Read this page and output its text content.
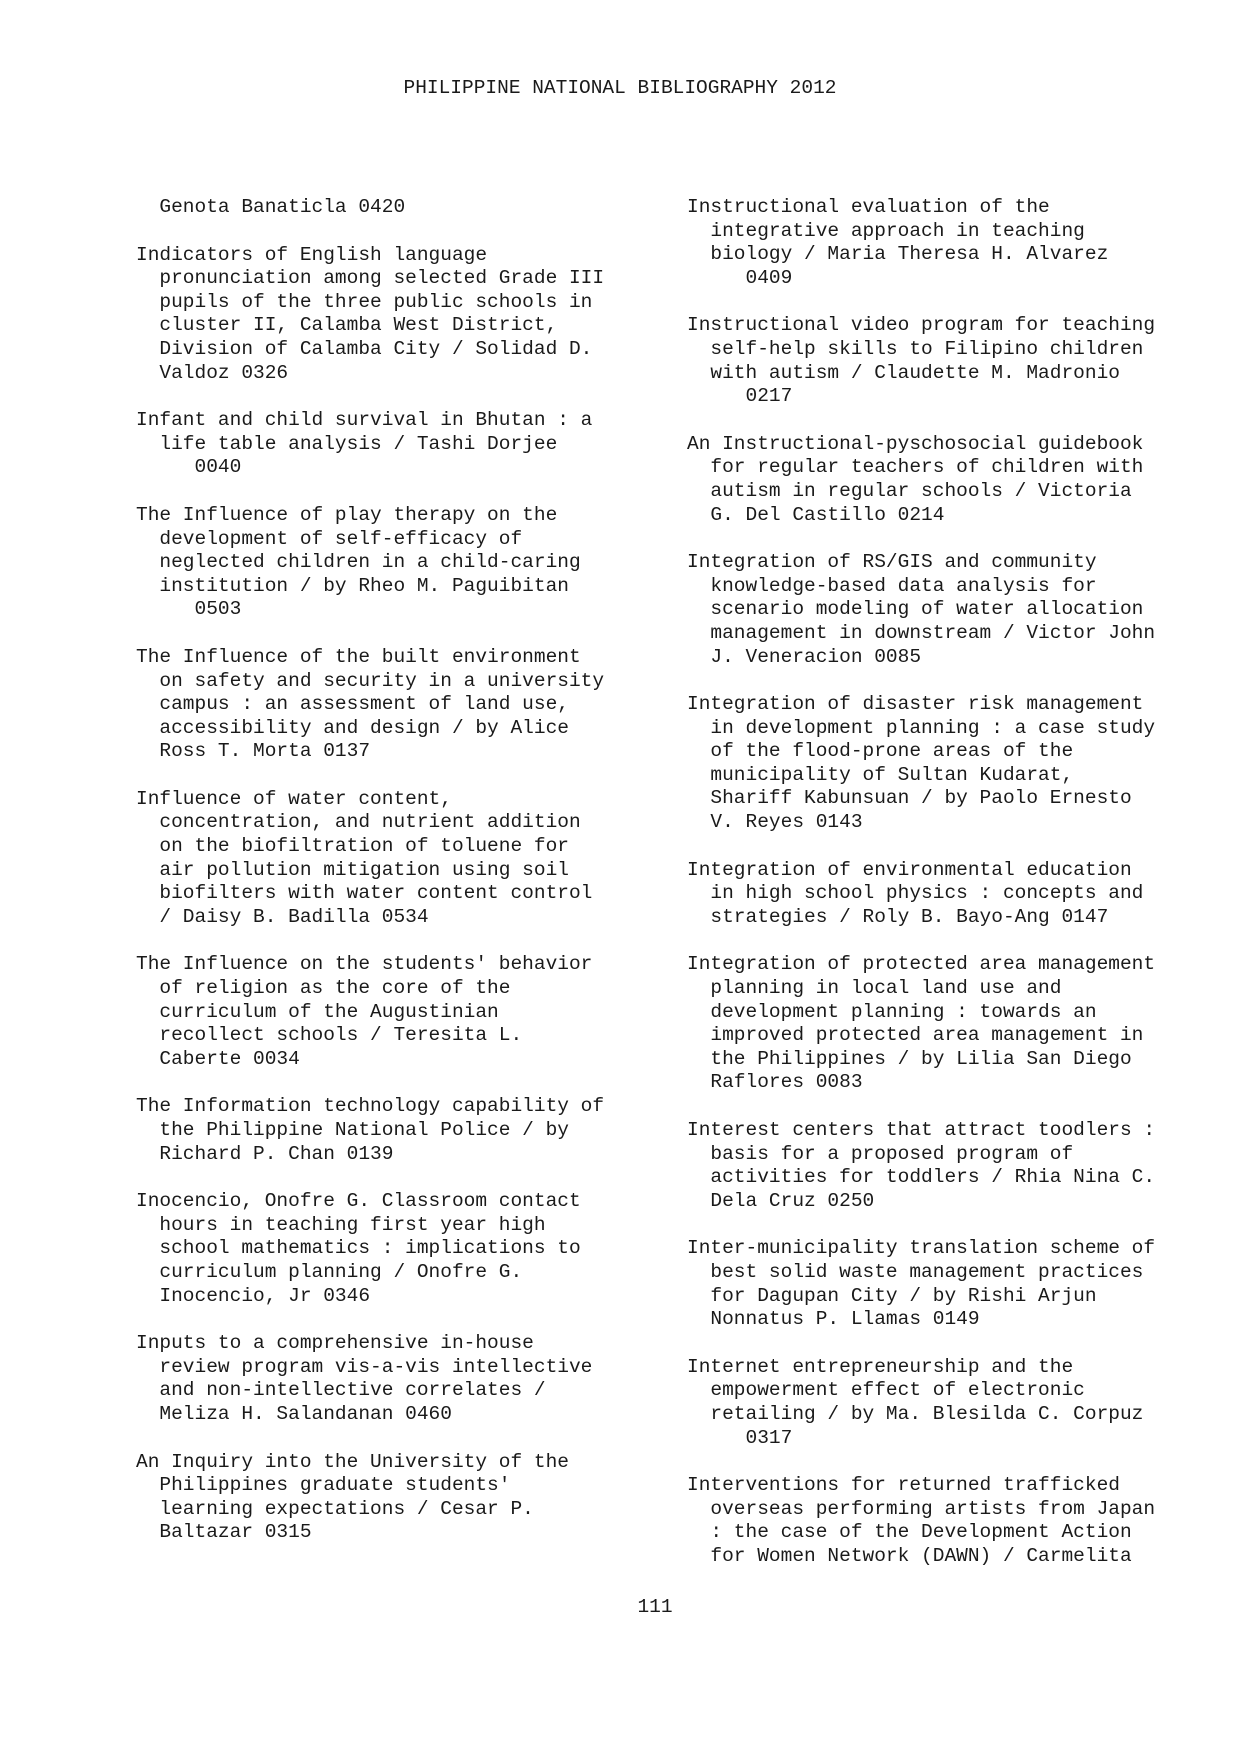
PHILIPPINE NATIONAL BIBLIOGRAPHY 2012
Genota Banaticla 0420
Indicators of English language
pronunciation among selected Grade III
pupils of the three public schools in
cluster II, Calamba West District,
Division of Calamba City / Solidad D.
Valdoz 0326
Infant and child survival in Bhutan : a
life table analysis / Tashi Dorjee
0040
The Influence of play therapy on the
development of self-efficacy of
neglected children in a child-caring
institution / by Rheo M. Paguibitan
0503
The Influence of the built environment
on safety and security in a university
campus : an assessment of land use,
accessibility and design / by Alice
Ross T. Morta 0137
Influence of water content,
concentration, and nutrient addition
on the biofiltration of toluene for
air pollution mitigation using soil
biofilters with water content control
/ Daisy B. Badilla 0534
The Influence on the students' behavior
of religion as the core of the
curriculum of the Augustinian
recollect schools / Teresita L.
Caberte 0034
The Information technology capability of
the Philippine National Police / by
Richard P. Chan 0139
Inocencio, Onofre G. Classroom contact
hours in teaching first year high
school mathematics : implications to
curriculum planning / Onofre G.
Inocencio, Jr 0346
Inputs to a comprehensive in-house
review program vis-a-vis intellective
and non-intellective correlates /
Meliza H. Salandanan 0460
An Inquiry into the University of the
Philippines graduate students'
learning expectations / Cesar P.
Baltazar 0315
Instructional evaluation of the
integrative approach in teaching
biology / Maria Theresa H. Alvarez
0409
Instructional video program for teaching
self-help skills to Filipino children
with autism / Claudette M. Madronio
0217
An Instructional-pyschosocial guidebook
for regular teachers of children with
autism in regular schools / Victoria
G. Del Castillo 0214
Integration of RS/GIS and community
knowledge-based data analysis for
scenario modeling of water allocation
management in downstream / Victor John
J. Veneracion 0085
Integration of disaster risk management
in development planning : a case study
of the flood-prone areas of the
municipality of Sultan Kudarat,
Shariff Kabunsuan / by Paolo Ernesto
V. Reyes 0143
Integration of environmental education
in high school physics : concepts and
strategies / Roly B. Bayo-Ang 0147
Integration of protected area management
planning in local land use and
development planning : towards an
improved protected area management in
the Philippines / by Lilia San Diego
Raflores 0083
Interest centers that attract toodlers :
basis for a proposed program of
activities for toddlers / Rhia Nina C.
Dela Cruz 0250
Inter-municipality translation scheme of
best solid waste management practices
for Dagupan City / by Rishi Arjun
Nonnatus P. Llamas 0149
Internet entrepreneurship and the
empowerment effect of electronic
retailing / by Ma. Blesilda C. Corpuz
0317
Interventions for returned trafficked
overseas performing artists from Japan
: the case of the Development Action
for Women Network (DAWN) / Carmelita
111
